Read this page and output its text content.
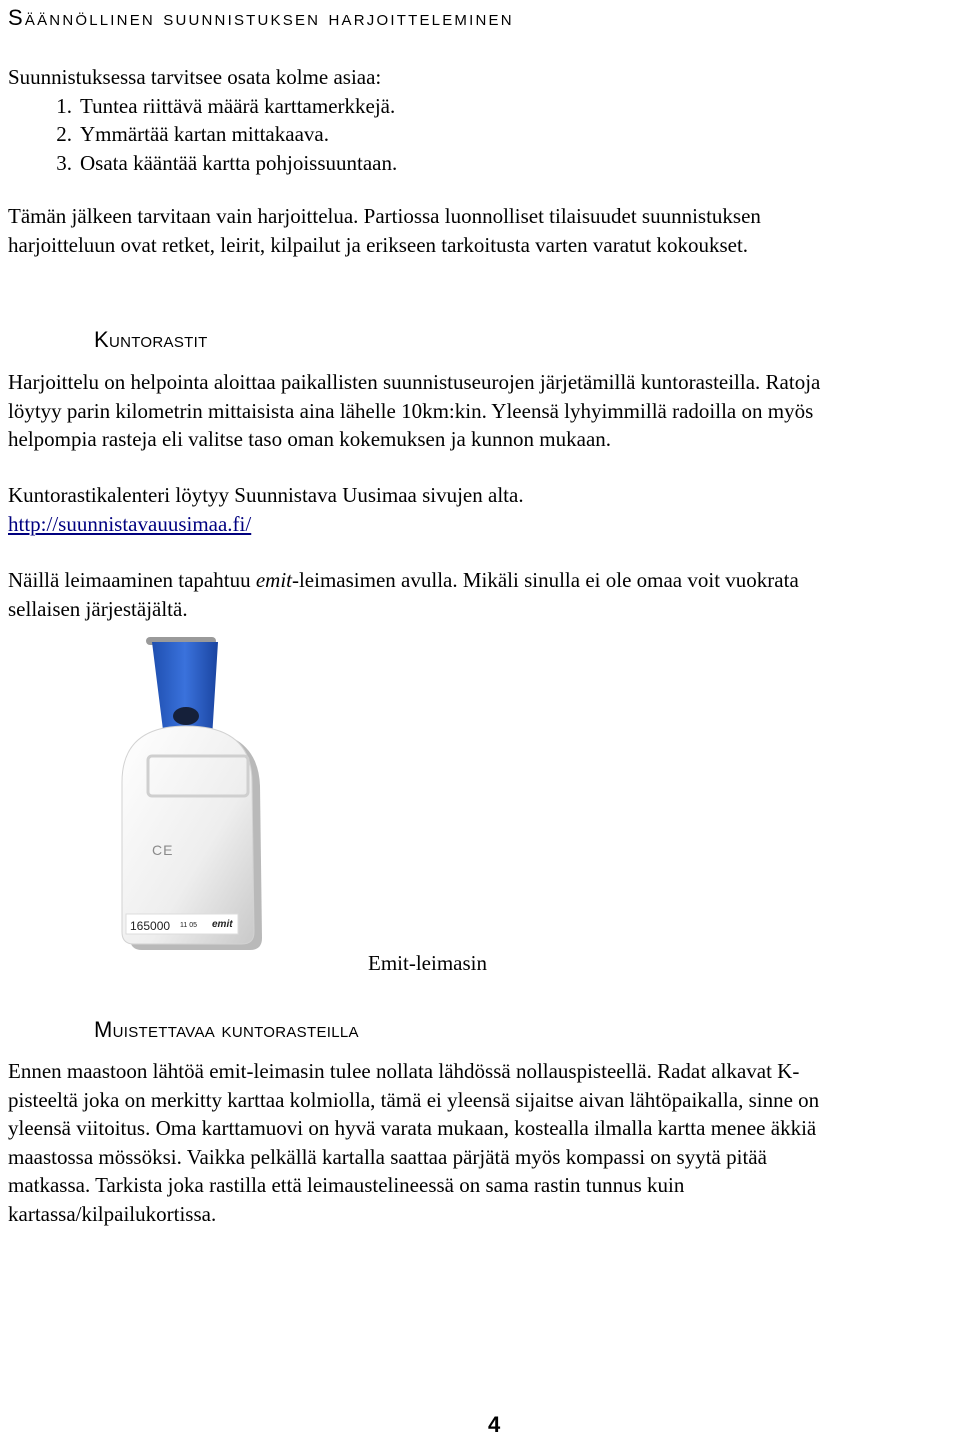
Säännöllinen suunnistuksen harjoitteleminen

Suunnistuksessa tarvitsee osata kolme asiaa:

1. Tuntea riittävä määrä karttamerkkejä.
2. Ymmärtää kartan mittakaava.
3. Osata kääntää kartta pohjoissuuntaan.

Tämän jälkeen tarvitaan vain harjoittelua. Partiossa luonnolliset tilaisuudet suunnistuksen

harjoitteluun ovat retket, leirit, kilpailut ja erikseen tarkoitusta varten varatut kokoukset.

Kuntorastit

Harjoittelu on helpointa aloittaa paikallisten suunnistuseurojen järjetämillä kuntorasteilla. Ratoja

löytyy parin kilometrin mittaisista aina lähelle 10km:kin. Yleensä lyhyimmillä radoilla on myös

helpompia rasteja eli valitse taso oman kokemuksen ja kunnon mukaan.

Kuntorastikalenteri löytyy Suunnistava Uusimaa sivujen alta.

http://suunnistavauusimaa.fi/

Näillä leimaaminen tapahtuu emit-leimasimen avulla. Mikäli sinulla ei ole omaa voit vuokrata

sellaisen järjestäjältä.

CE
165000 11 05 emit
Emit-leimasin
Muistettavaa kuntorasteilla

Ennen maastoon lähtöä emit-leimasin tulee nollata lähdössä nollauspisteellä. Radat alkavat K-

pisteeltä joka on merkitty karttaa kolmiolla, tämä ei yleensä sijaitse aivan lähtöpaikalla, sinne on

yleensä viitoitus. Oma karttamuovi on hyvä varata mukaan, kostealla ilmalla kartta menee äkkiä

maastossa mössöksi. Vaikka pelkällä kartalla saattaa pärjätä myös kompassi on syytä pitää

matkassa. Tarkista joka rastilla että leimaustelineessä on sama rastin tunnus kuin

kartassa/kilpailukortissa.

4
